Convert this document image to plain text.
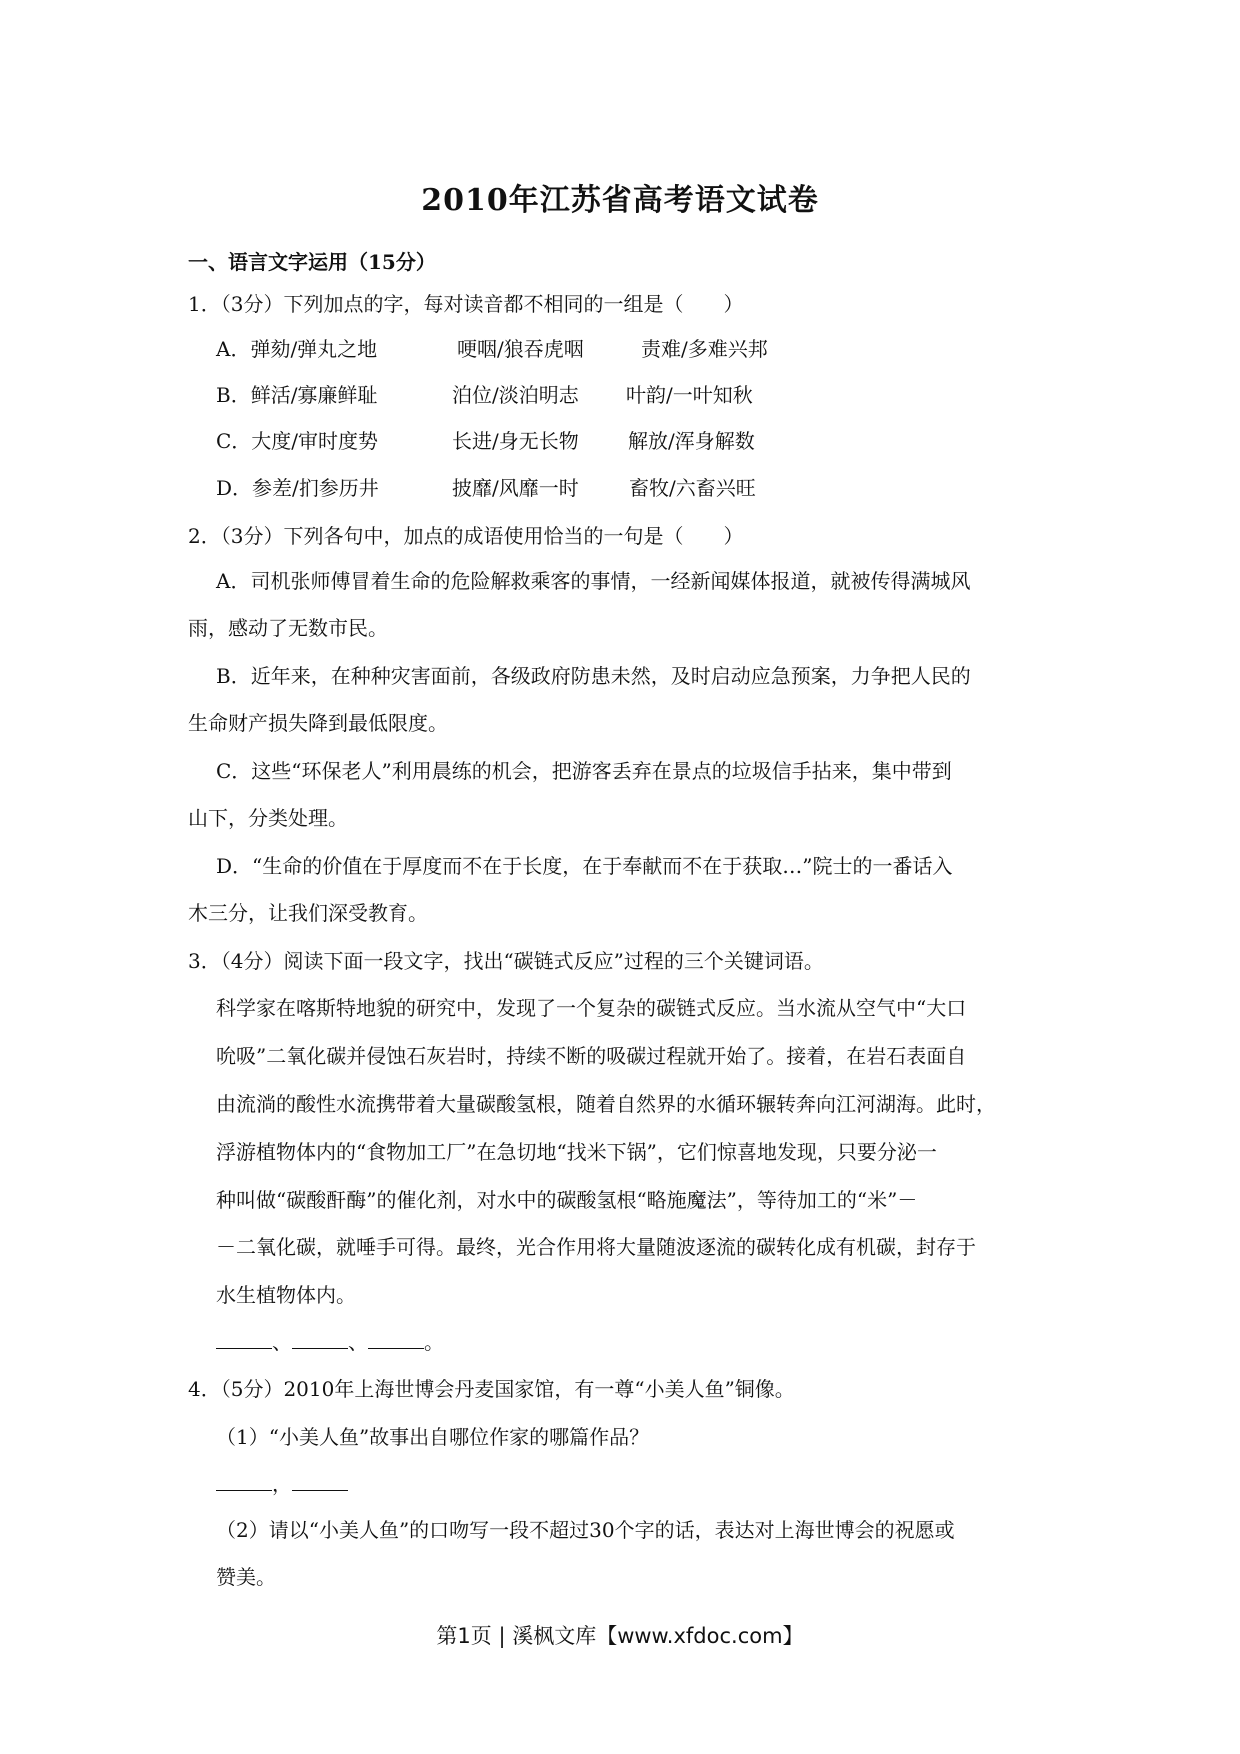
2010年江苏省高考语文试卷
一、语言文字运用（15分）
1．（3分）下列加点的字，每对读音都不相同的一组是（　　）
A．弹劾/弹丸之地	哽咽/狼吞虎咽	责难/多难兴邦
B．鲜活/寡廉鲜耻	泊位/淡泊明志 叶韵/一叶知秋
C．大度/审时度势	长进/身无长物 解放/浑身解数
D．参差/扪参历井	披靡/风靡一时	畜牧/六畜兴旺
2．（3分）下列各句中，加点的成语使用恰当的一句是（　　）
A．司机张师傅冒着生命的危险解救乘客的事情，一经新闻媒体报道，就被传得满城风
雨，感动了无数市民。
B．近年来，在种种灾害面前，各级政府防患未然，及时启动应急预案，力争把人民的
生命财产损失降到最低限度。
C．这些“环保老人”利用晨练的机会，把游客丢弃在景点的垃圾信手拈来，集中带到
山下，分类处理。
D．“生命的价值在于厚度而不在于长度，在于奉献而不在于获取…”院士的一番话入
木三分，让我们深受教育。
3．（4分）阅读下面一段文字，找出“碳链式反应”过程的三个关键词语。
科学家在喀斯特地貌的研究中，发现了一个复杂的碳链式反应。当水流从空气中“大口
吮吸”二氧化碳并侵蚀石灰岩时，持续不断的吸碳过程就开始了。接着，在岩石表面自
由流淌的酸性水流携带着大量碳酸氢根，随着自然界的水循环辗转奔向江河湖海。此时，
浮游植物体内的“食物加工厂”在急切地“找米下锅”，它们惊喜地发现，只要分泌一
种叫做“碳酸酐酶”的催化剂，对水中的碳酸氢根“略施魔法”，等待加工的“米”－
－二氧化碳，就唾手可得。最终，光合作用将大量随波逐流的碳转化成有机碳，封存于
水生植物体内。
、	、	。
4．（5分）2010年上海世博会丹麦国家馆，有一尊“小美人鱼”铜像。
（1）“小美人鱼”故事出自哪位作家的哪篇作品？
，
（2）请以“小美人鱼”的口吻写一段不超过30个字的话，表达对上海世博会的祝愿或
赞美。
第1页 | 溪枫文库【www.xfdoc.com】
